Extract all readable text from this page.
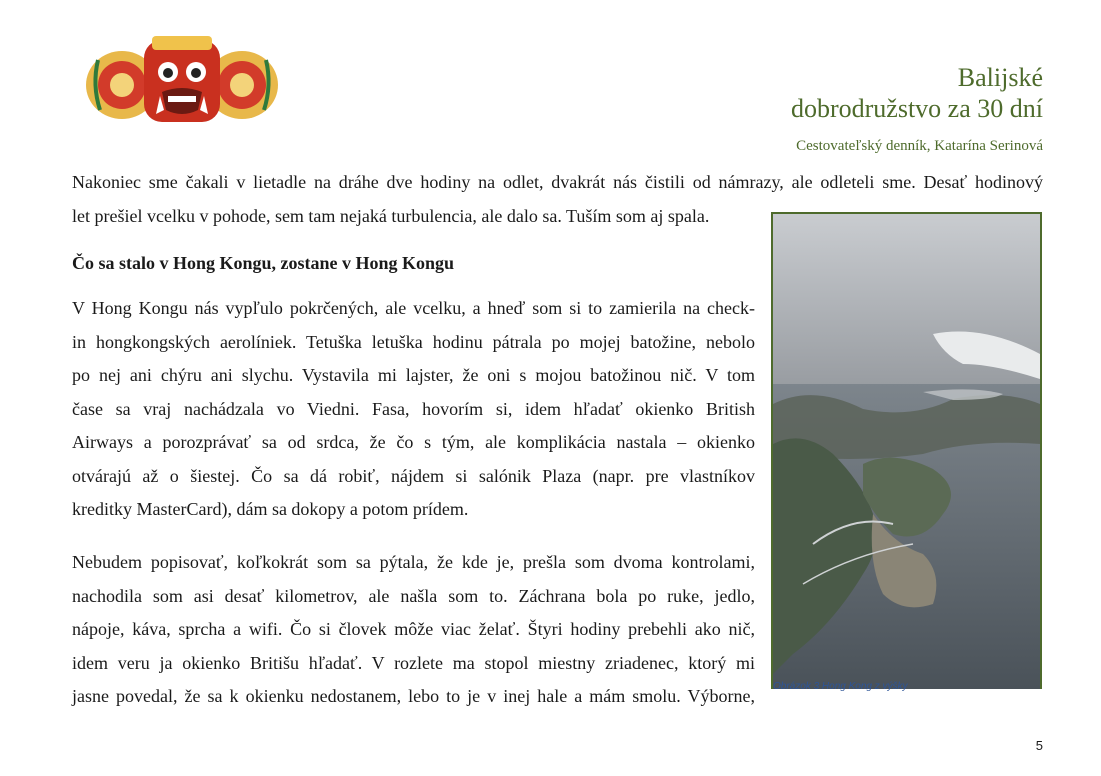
Balijské
dobrodružstvo za 30 dní
Cestovateľský denník, Katarína Serinová
Nakoniec sme čakali v lietadle na dráhe dve hodiny na odlet, dvakrát nás čistili od námrazy, ale odleteli sme. Desať hodinový
let prešiel vcelku v pohode, sem tam nejaká turbulencia, ale dalo sa. Tuším som aj spala.
Čo sa stalo v Hong Kongu, zostane v Hong Kongu
V Hong Kongu nás vypľulo pokrčených, ale vcelku, a hneď som si to zamierila na check-
in hongkongských aerolíniek. Tetuška letuška hodinu pátrala po mojej batožine, nebolo
po nej ani chýru ani slychu. Vystavila mi lajster, že oni s mojou batožinou nič. V tom
čase sa vraj nachádzala vo Viedni. Fasa, hovorím si, idem hľadať okienko British
Airways a porozprávať sa od srdca, že čo s tým, ale komplikácia nastala – okienko
otvárajú až o šiestej. Čo sa dá robiť, nájdem si salónik Plaza (napr. pre vlastníkov
kreditky MasterCard), dám sa dokopy a potom prídem.
Nebudem popisovať, koľkokrát som sa pýtala, že kde je, prešla som dvoma kontrolami,
nachodila som asi desať kilometrov, ale našla som to. Záchrana bola po ruke, jedlo,
nápoje, káva, sprcha a wifi. Čo si človek môže viac želať. Štyri hodiny prebehli ako nič,
idem veru ja okienko Britišu hľadať. V rozlete ma stopol miestny zriadenec, ktorý mi
jasne povedal, že sa k okienku nedostanem, lebo to je v inej hale a mám smolu. Výborne, Obrázok 3 Hong Kong z výšky
5
